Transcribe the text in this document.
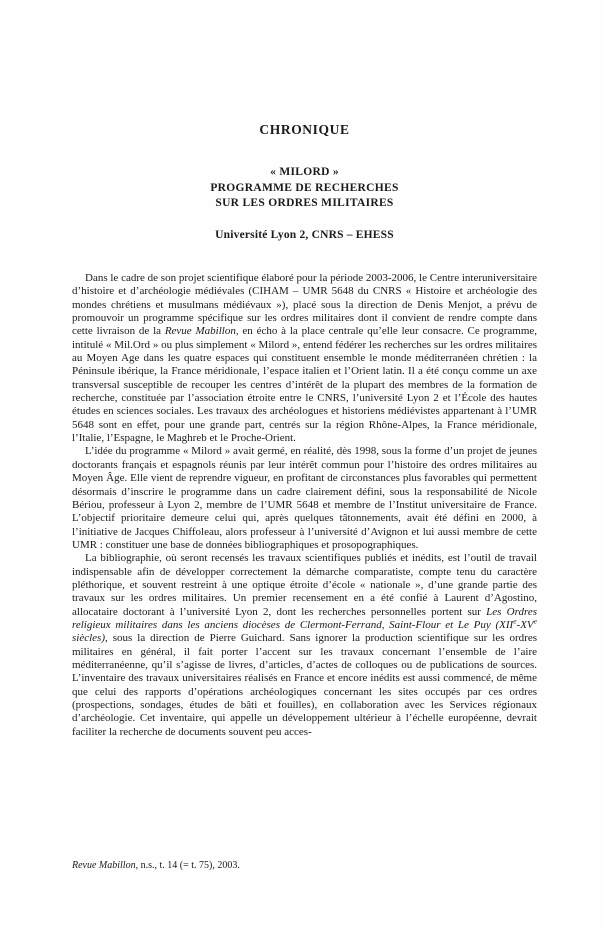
CHRONIQUE
« MILORD »
PROGRAMME DE RECHERCHES
SUR LES ORDRES MILITAIRES
Université Lyon 2, CNRS – EHESS

Dans le cadre de son projet scientifique élaboré pour la période 2003-2006, le Centre interuniversitaire d’histoire et d’archéologie médiévales (CIHAM – UMR 5648 du CNRS « Histoire et archéologie des mondes chrétiens et musulmans médiévaux »), placé sous la direction de Denis Menjot, a prévu de promouvoir un programme spécifique sur les ordres militaires dont il convient de rendre compte dans cette livraison de la Revue Mabillon, en écho à la place centrale qu’elle leur consacre. Ce programme, intitulé « Mil.Ord » ou plus simplement « Milord », entend fédérer les recherches sur les ordres militaires au Moyen Age dans les quatre espaces qui constituent ensemble le monde méditerranéen chrétien : la Péninsule ibérique, la France méridionale, l’espace italien et l’Orient latin. Il a été conçu comme un axe transversal susceptible de recouper les centres d’intérêt de la plupart des membres de la formation de recherche, constituée par l’association étroite entre le CNRS, l’université Lyon 2 et l’École des hautes études en sciences sociales. Les travaux des archéologues et historiens médiévistes appartenant à l’UMR 5648 sont en effet, pour une grande part, centrés sur la région Rhône-Alpes, la France méridionale, l’Italie, l’Espagne, le Maghreb et le Proche-Orient.

L’idée du programme « Milord » avait germé, en réalité, dès 1998, sous la forme d’un projet de jeunes doctorants français et espagnols réunis par leur intérêt commun pour l’histoire des ordres militaires au Moyen Âge. Elle vient de reprendre vigueur, en profitant de circonstances plus favorables qui permettent désormais d’inscrire le programme dans un cadre clairement défini, sous la responsabilité de Nicole Bériou, professeur à Lyon 2, membre de l’UMR 5648 et membre de l’Institut universitaire de France. L’objectif prioritaire demeure celui qui, après quelques tâtonnements, avait été défini en 2000, à l’initiative de Jacques Chiffoleau, alors professeur à l’université d’Avignon et lui aussi membre de cette UMR : constituer une base de données bibliographiques et prosopographiques.

La bibliographie, où seront recensés les travaux scientifiques publiés et inédits, est l’outil de travail indispensable afin de développer correctement la démarche comparatiste, compte tenu du caractère pléthorique, et souvent restreint à une optique étroite d’école « nationale », d’une grande partie des travaux sur les ordres militaires. Un premier recensement en a été confié à Laurent d’Agostino, allocataire doctorant à l’université Lyon 2, dont les recherches personnelles portent sur Les Ordres religieux militaires dans les anciens diocèses de Clermont-Ferrand, Saint-Flour et Le Puy (XIIe-XVe siècles), sous la direction de Pierre Guichard. Sans ignorer la production scientifique sur les ordres militaires en général, il fait porter l’accent sur les travaux concernant l’ensemble de l’aire méditerranéenne, qu’il s’agisse de livres, d’articles, d’actes de colloques ou de publications de sources. L’inventaire des travaux universitaires réalisés en France et encore inédits est aussi commencé, de même que celui des rapports d’opérations archéologiques concernant les sites occupés par ces ordres (prospections, sondages, études de bâti et fouilles), en collaboration avec les Services régionaux d’archéologie. Cet inventaire, qui appelle un développement ultérieur à l’échelle européenne, devrait faciliter la recherche de documents souvent peu acces-

Revue Mabillon, n.s., t. 14 (= t. 75), 2003.
